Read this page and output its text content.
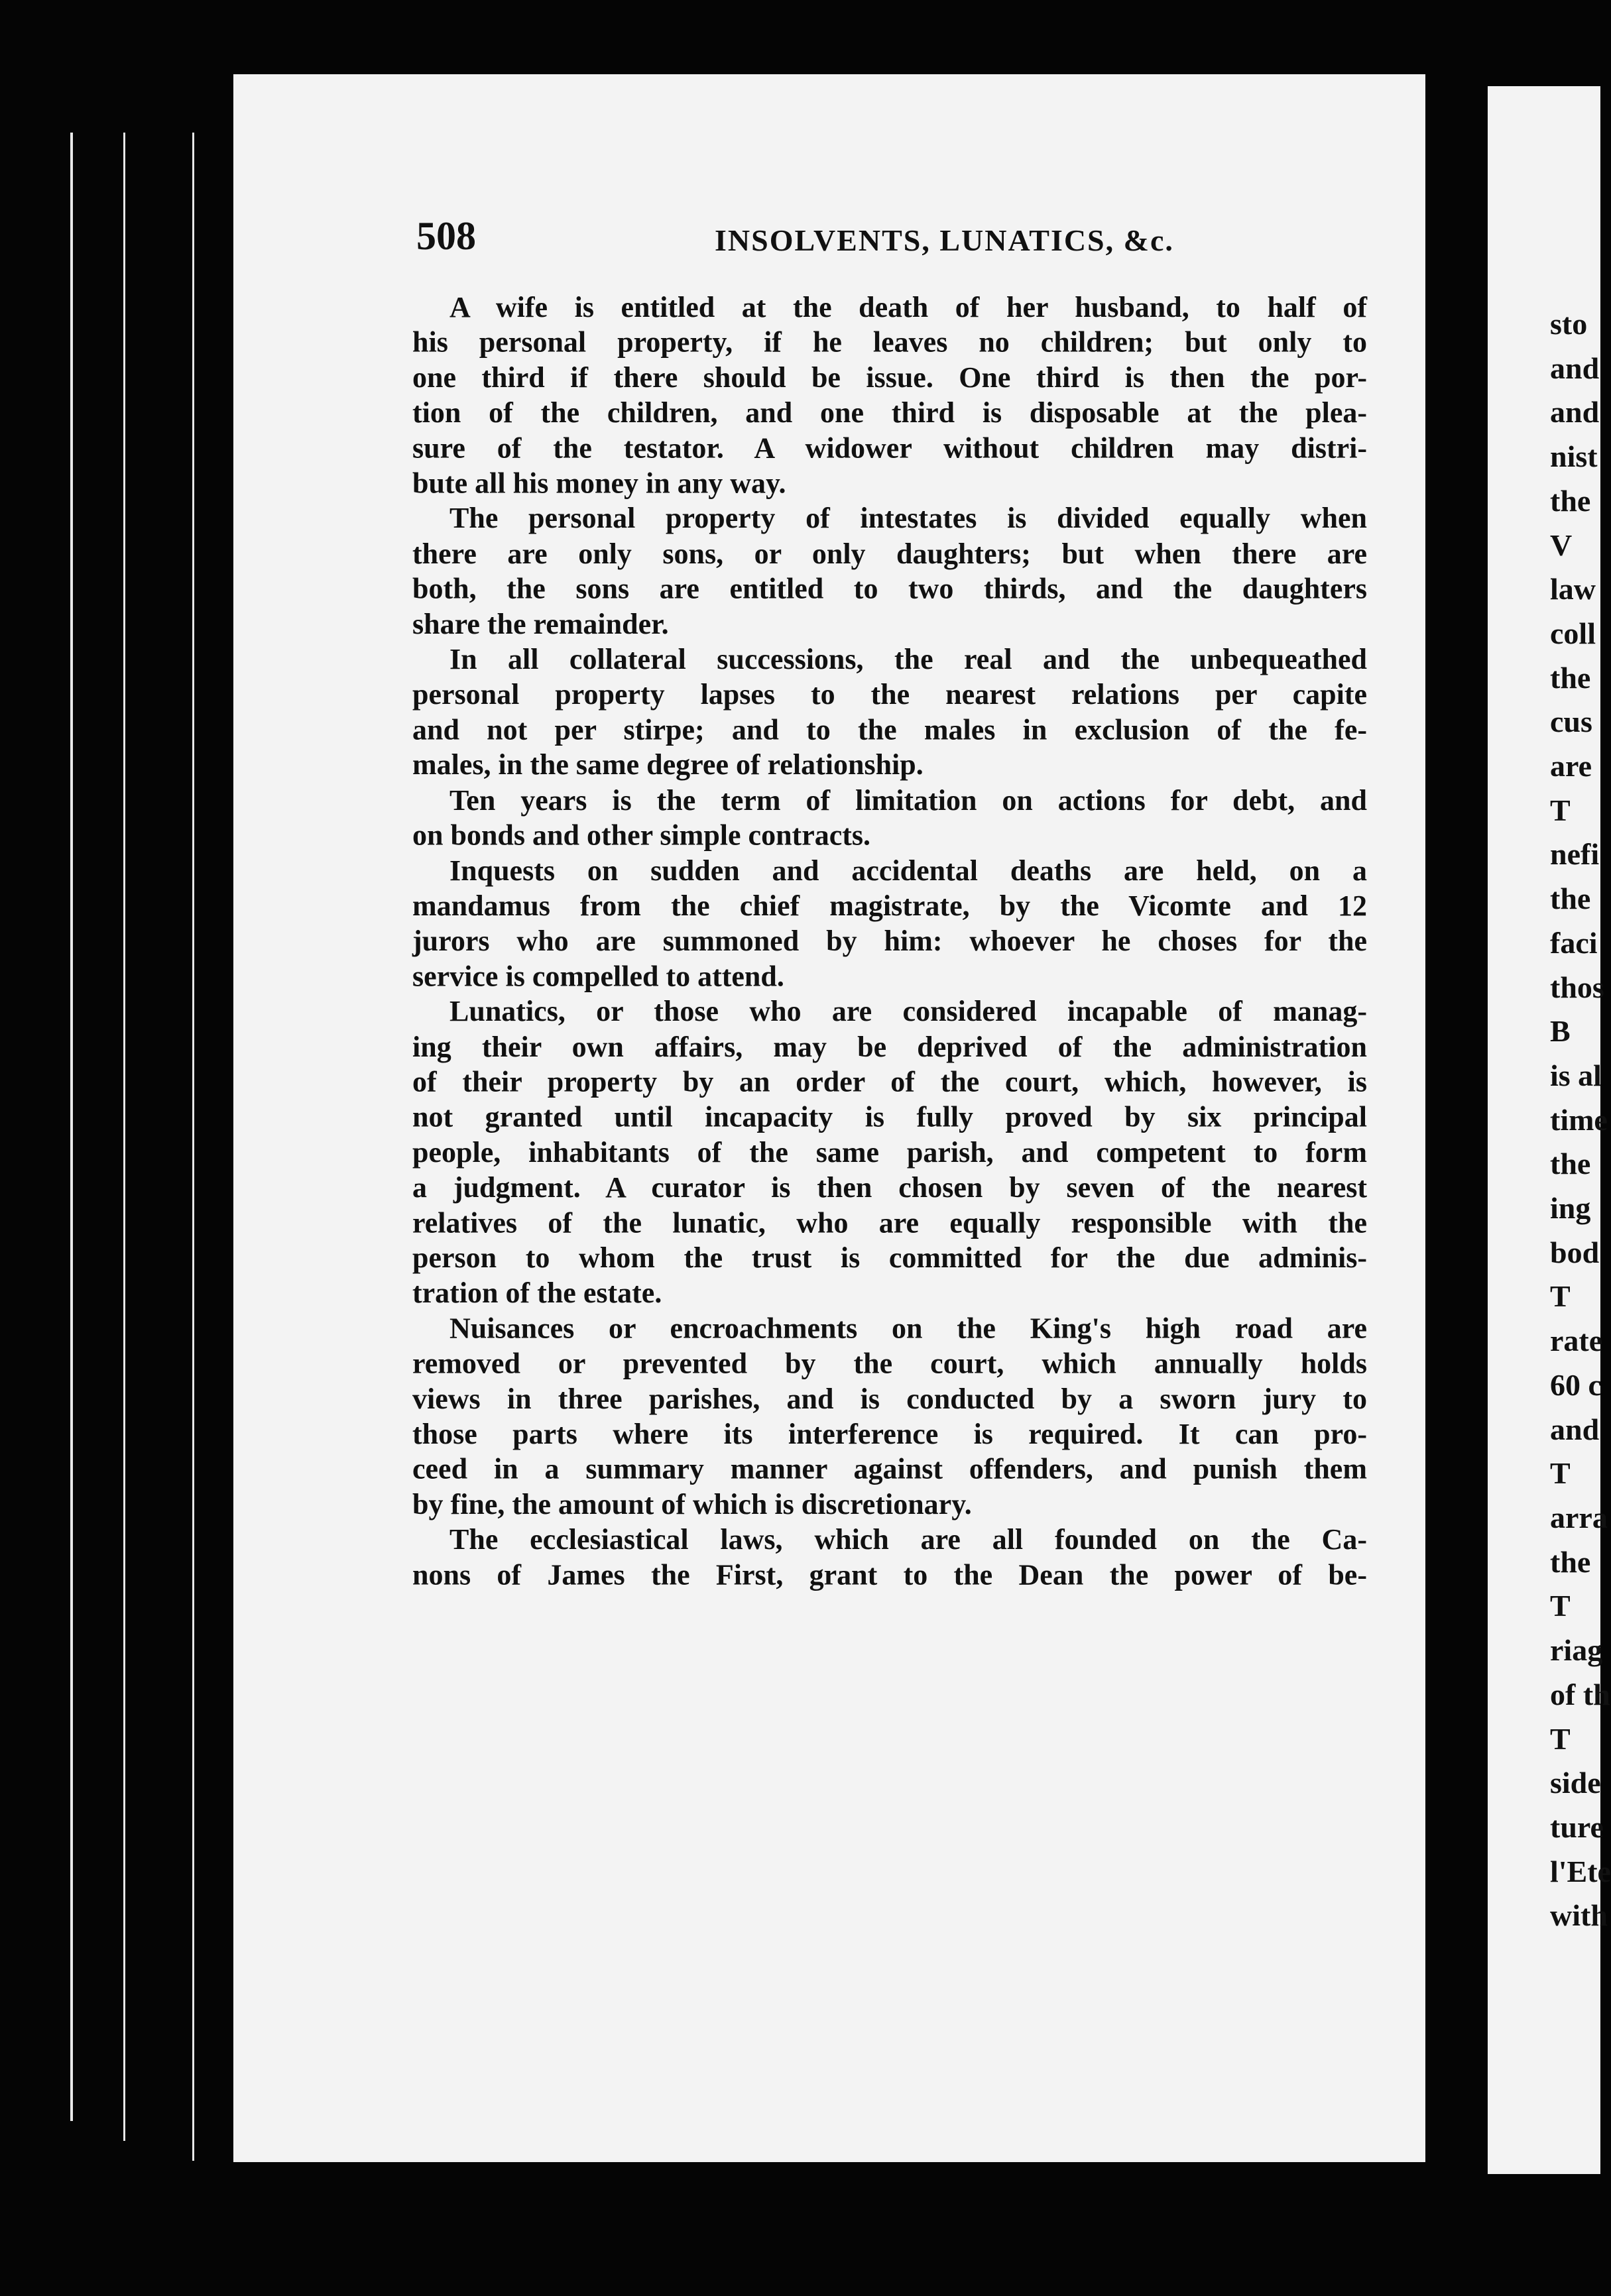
508	INSOLVENTS, LUNATICS, &c.
A wife is entitled at the death of her husband, to half of
his personal property, if he leaves no children; but only to
one third if there should be issue. One third is then the por-
tion of the children, and one third is disposable at the plea-
sure of the testator. A widower without children may distri-
bute all his money in any way.
The personal property of intestates is divided equally when
there are only sons, or only daughters; but when there are
both, the sons are entitled to two thirds, and the daughters
share the remainder.
In all collateral successions, the real and the unbequeathed
personal property lapses to the nearest relations per capite
and not per stirpe; and to the males in exclusion of the fe-
males, in the same degree of relationship.
Ten years is the term of limitation on actions for debt, and
on bonds and other simple contracts.
Inquests on sudden and accidental deaths are held, on a
mandamus from the chief magistrate, by the Vicomte and 12
jurors who are summoned by him: whoever he choses for the
service is compelled to attend.
Lunatics, or those who are considered incapable of manag-
ing their own affairs, may be deprived of the administration
of their property by an order of the court, which, however, is
not granted until incapacity is fully proved by six principal
people, inhabitants of the same parish, and competent to form
a judgment. A curator is then chosen by seven of the nearest
relatives of the lunatic, who are equally responsible with the
person to whom the trust is committed for the due adminis-
tration of the estate.
Nuisances or encroachments on the King's high road are
removed or prevented by the court, which annually holds
views in three parishes, and is conducted by a sworn jury to
those parts where its interference is required. It can pro-
ceed in a summary manner against offenders, and punish them
by fine, the amount of which is discretionary.
The ecclesiastical laws, which are all founded on the Ca-
nons of James the First, grant to the Dean the power of be-
sto
and
and
nist
the
V
law
coll
the
cus
are
T
nefi
the
faci
thos
B
is al
time
the
ing
bod
T
rate
60 c
and
T
arra
the
T
riag
of th
T
side
ture
l'Ete
with
